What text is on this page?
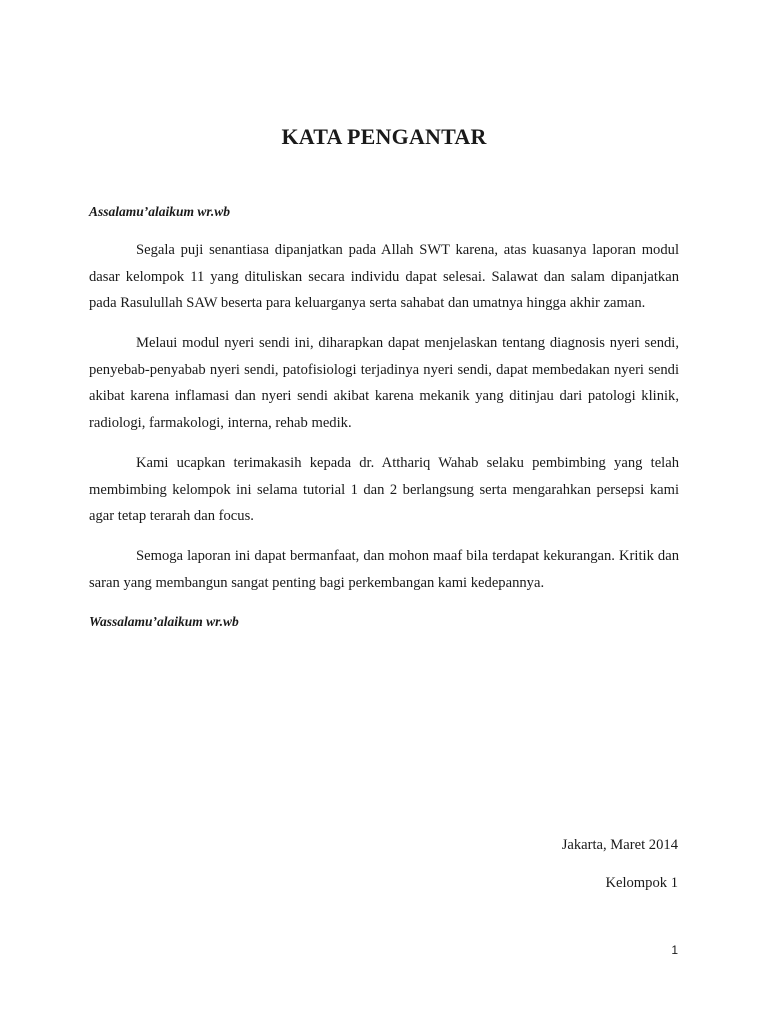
KATA PENGANTAR
Assalamu’alaikum wr.wb

Segala puji senantiasa dipanjatkan pada Allah SWT karena, atas kuasanya laporan modul dasar kelompok 11 yang dituliskan secara individu dapat selesai. Salawat dan salam dipanjatkan pada Rasulullah SAW beserta para keluarganya serta sahabat dan umatnya hingga akhir zaman.

Melaui modul nyeri sendi ini, diharapkan dapat menjelaskan tentang diagnosis nyeri sendi, penyebab-penyabab nyeri sendi, patofisiologi terjadinya nyeri sendi, dapat membedakan nyeri sendi akibat karena inflamasi dan nyeri sendi akibat karena mekanik yang ditinjau dari patologi klinik, radiologi, farmakologi, interna, rehab medik.

Kami ucapkan terimakasih kepada dr. Atthariq Wahab selaku pembimbing yang telah membimbing kelompok ini selama tutorial 1 dan 2 berlangsung serta mengarahkan persepsi kami agar tetap terarah dan focus.

Semoga laporan ini dapat bermanfaat, dan mohon maaf bila terdapat kekurangan. Kritik dan saran yang membangun sangat penting bagi perkembangan kami kedepannya.

Wassalamu’alaikum wr.wb
Jakarta, Maret 2014
Kelompok 1
1
